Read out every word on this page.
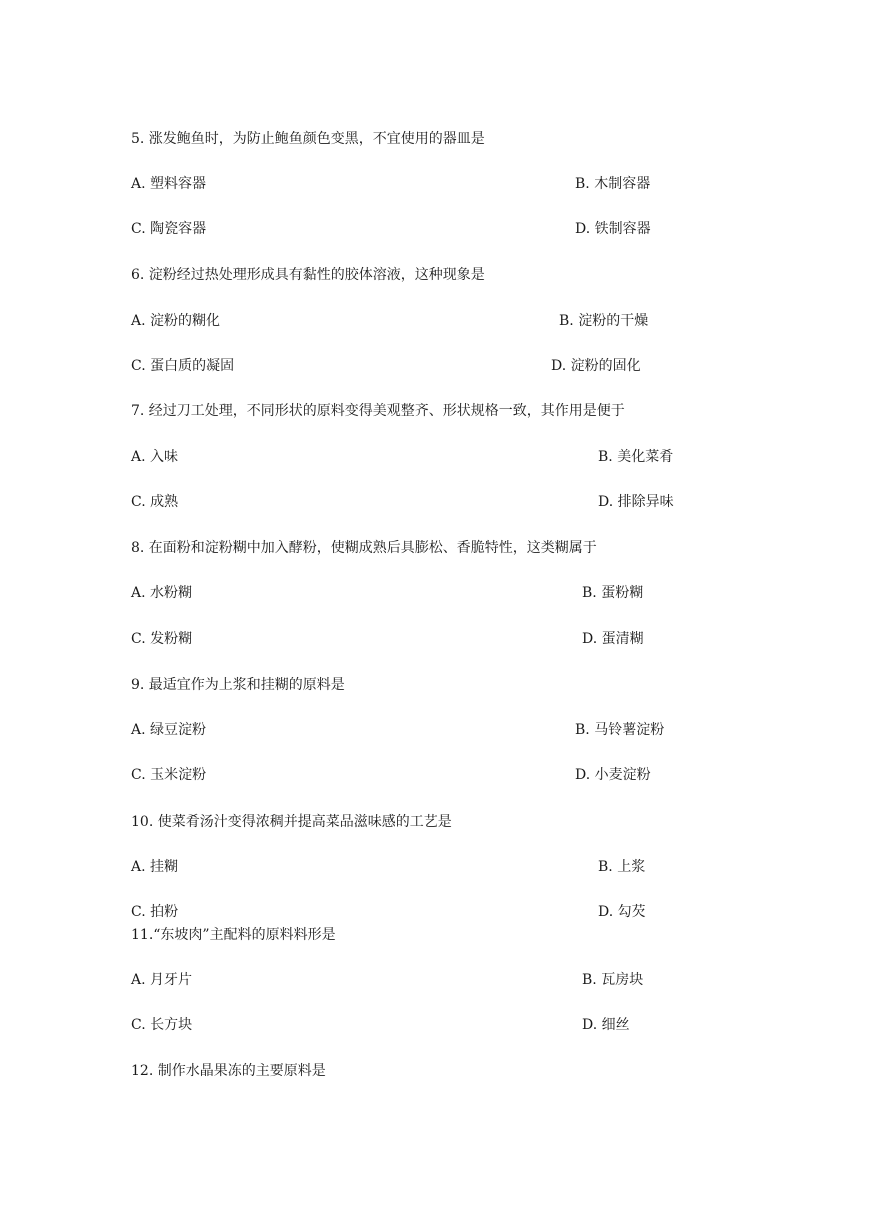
5. 涨发鲍鱼时，为防止鲍鱼颜色变黑，不宜使用的器皿是
A. 塑料容器	B. 木制容器
C. 陶瓷容器	D. 铁制容器
6. 淀粉经过热处理形成具有黏性的胶体溶液，这种现象是
A. 淀粉的糊化	B. 淀粉的干燥
C. 蛋白质的凝固	D. 淀粉的固化
7. 经过刀工处理，不同形状的原料变得美观整齐、形状规格一致，其作用是便于
A. 入味	B. 美化菜肴
C. 成熟	D. 排除异味
8. 在面粉和淀粉糊中加入酵粉，使糊成熟后具膨松、香脆特性，这类糊属于
A. 水粉糊	B. 蛋粉糊
C. 发粉糊	D. 蛋清糊
9. 最适宜作为上浆和挂糊的原料是
A. 绿豆淀粉	B. 马铃薯淀粉
C. 玉米淀粉	D. 小麦淀粉
10. 使菜肴汤汁变得浓稠并提高菜品滋味感的工艺是
A. 挂糊	B. 上浆
C. 拍粉	D. 勾芡
11.“东坡肉”主配料的原料料形是
A. 月牙片	B. 瓦房块
C. 长方块	D. 细丝
12. 制作水晶果冻的主要原料是
